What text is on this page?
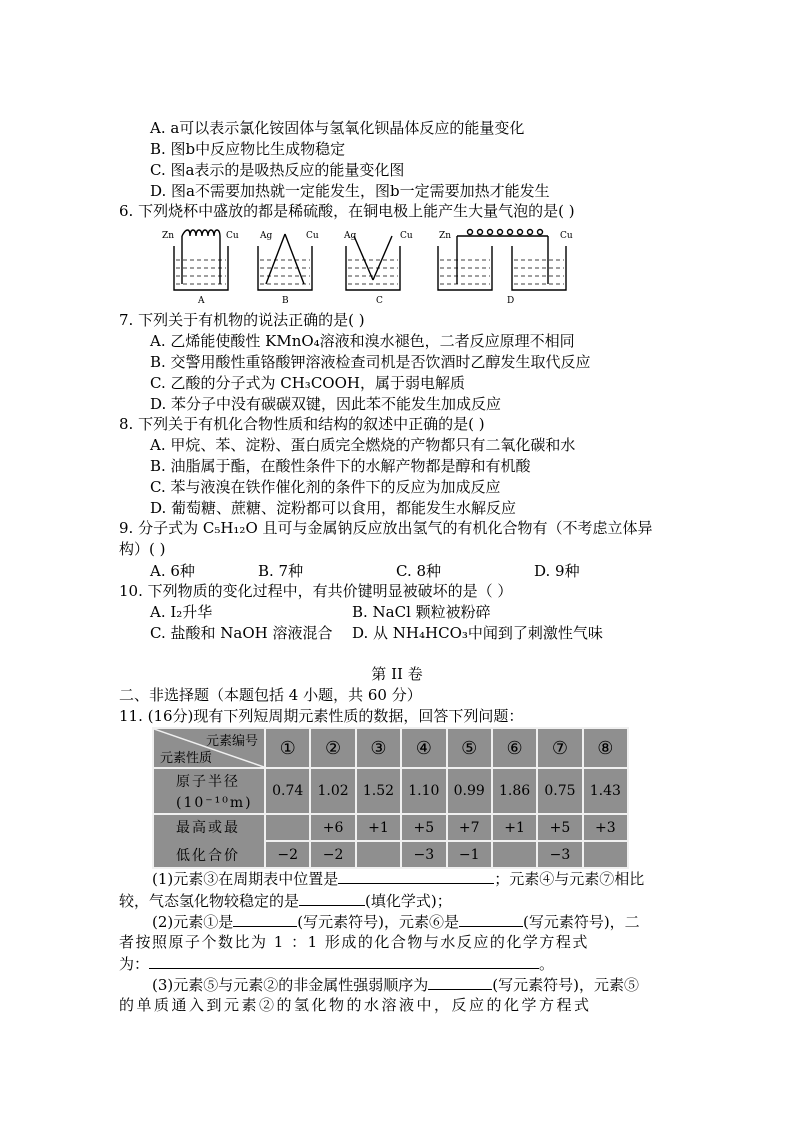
A. a可以表示氯化铵固体与氢氧化钡晶体反应的能量变化
B. 图b中反应物比生成物稳定
C. 图a表示的是吸热反应的能量变化图
D. 图a不需要加热就一定能发生，图b一定需要加热才能发生
6. 下列烧杯中盛放的都是稀硫酸，在铜电极上能产生大量气泡的是( )
Zn	Cu Ag	Cu	Ag	Cu	Zn	Cu
A	B	C	D
7. 下列关于有机物的说法正确的是( )
A. 乙烯能使酸性 KMnO₄溶液和溴水褪色，二者反应原理不相同
B. 交警用酸性重铬酸钾溶液检查司机是否饮酒时乙醇发生取代反应
C. 乙酸的分子式为 CH₃COOH，属于弱电解质
D. 苯分子中没有碳碳双键，因此苯不能发生加成反应
8. 下列关于有机化合物性质和结构的叙述中正确的是( )
A. 甲烷、苯、淀粉、蛋白质完全燃烧的产物都只有二氧化碳和水
B. 油脂属于酯，在酸性条件下的水解产物都是醇和有机酸
C. 苯与液溴在铁作催化剂的条件下的反应为加成反应
D. 葡萄糖、蔗糖、淀粉都可以食用，都能发生水解反应
9. 分子式为 C₅H₁₂O 且可与金属钠反应放出氢气的有机化合物有（不考虑立体异
构）( )
A. 6种	B. 7种	C. 8种	D. 9种
10. 下列物质的变化过程中，有共价键明显被破坏的是（ ）
A. I₂升华	B. NaCl 颗粒被粉碎
C. 盐酸和 NaOH 溶液混合 D. 从 NH₄HCO₃中闻到了刺激性气味
第 II 卷
二、非选择题（本题包括 4 小题，共 60 分）
11. (16分)现有下列短周期元素性质的数据，回答下列问题：
元素编号
元素性质	①	②	③	④	⑤	⑥	⑦	⑧

原子半径
(10⁻¹⁰m)	0.74	1.02	1.52	1.10	0.99	1.86	0.75	1.43

最高或最
低化合价		+6	+1	+5	+7	+1	+5	+3
	−2	−2		−3	−1		−3	
(1)元素③在周期表中位置是	；元素④与元素⑦相比
较，气态氢化物较稳定的是	(填化学式)；
(2)元素①是	(写元素符号)，元素⑥是	(写元素符号)，二
者按照原子个数比为 1 ：1 形成的化合物与水反应的化学方程式
为：	。
(3)元素⑤与元素②的非金属性强弱顺序为	(写元素符号)，元素⑤
的单质通入到元素②的氢化物的水溶液中，反应的化学方程式
